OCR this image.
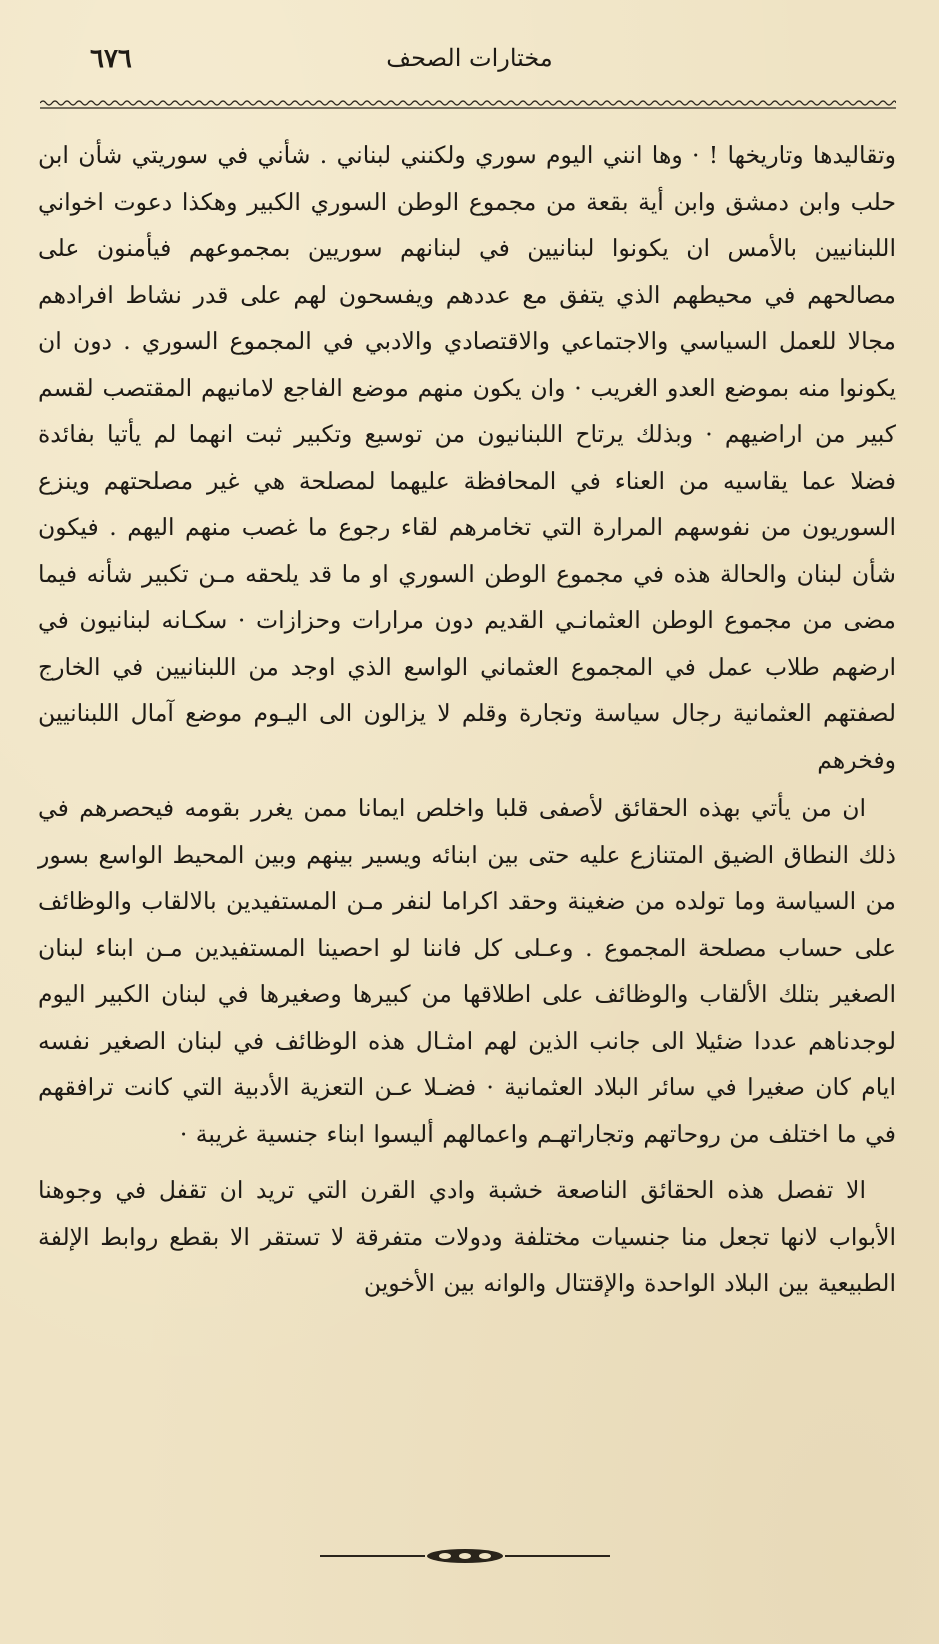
٦٧٦	مختارات الصحف

وتقاليدها وتاريخها ! · وها انني اليوم سوري ولكنني لبناني . شأني في سوريتي شأن ابن حلب وابن دمشق وابن أية بقعة من مجموع الوطن السوري الكبير وهكذا دعوت اخواني اللبنانيين بالأمس ان يكونوا لبنانيين في لبنانهم سوريين بمجموعهم فيأمنون على مصالحهم في محيطهم الذي يتفق مع عددهم ويفسحون لهم على قدر نشاط افرادهم مجالا للعمل السياسي والاجتماعي والاقتصادي والادبي في المجموع السوري . دون ان يكونوا منه بموضع العدو الغريب · وان يكون منهم موضع الفاجع لامانيهم المقتصب لقسم كبير من اراضيهم · وبذلك يرتاح اللبنانيون من توسيع وتكبير ثبت انهما لم يأتيا بفائدة فضلا عما يقاسيه من العناء في المحافظة عليهما لمصلحة هي غير مصلحتهم وينزع السوريون من نفوسهم المرارة التي تخامرهم لقاء رجوع ما غصب منهم اليهم . فيكون شأن لبنان والحالة هذه في مجموع الوطن السوري او ما قد يلحقه مـن تكبير شأنه فيما مضى من مجموع الوطن العثمانـي القديم دون مرارات وحزازات · سكـانه لبنانيون في ارضهم طلاب عمل في المجموع العثماني الواسع الذي اوجد من اللبنانيين في الخارج لصفتهم العثمانية رجال سياسة وتجارة وقلم لا يزالون الى اليـوم موضع آمال اللبنانيين وفخرهم

ان من يأتي بهذه الحقائق لأصفى قلبا واخلص ايمانا ممن يغرر بقومه فيحصرهم في ذلك النطاق الضيق المتنازع عليه حتى بين ابنائه ويسير بينهم وبين المحيط الواسع بسور من السياسة وما تولده من ضغينة وحقد اكراما لنفر مـن المستفيدين بالالقاب والوظائف على حساب مصلحة المجموع . وعـلى كل فاننا لو احصينا المستفيدين مـن ابناء لبنان الصغير بتلك الألقاب والوظائف على اطلاقها من كبيرها وصغيرها في لبنان الكبير اليوم لوجدناهم عددا ضئيلا الى جانب الذين لهم امثـال هذه الوظائف في لبنان الصغير نفسه ايام كان صغيرا في سائر البلاد العثمانية · فضـلا عـن التعزية الأدبية التي كانت ترافقهم في ما اختلف من روحاتهم وتجاراتهـم واعمالهم أليسوا ابناء جنسية غريبة ·

الا تفصل هذه الحقائق الناصعة خشبة وادي القرن التي تريد ان تقفل في وجوهنا الأبواب لانها تجعل منا جنسيات مختلفة ودولات متفرقة لا تستقر الا بقطع روابط الإلفة الطبيعية بين البلاد الواحدة والإقتتال والوانه بين الأخوين
